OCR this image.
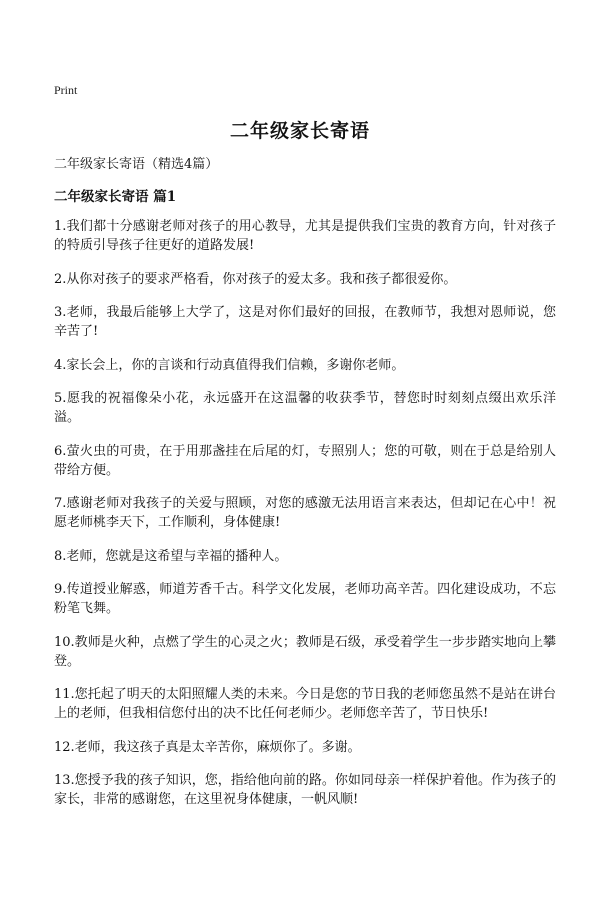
Print
二年级家长寄语
二年级家长寄语（精选4篇）
二年级家长寄语 篇1
1.我们都十分感谢老师对孩子的用心教导，尤其是提供我们宝贵的教育方向，针对孩子的特质引导孩子往更好的道路发展!
2.从你对孩子的要求严格看，你对孩子的爱太多。我和孩子都很爱你。
3.老师，我最后能够上大学了，这是对你们最好的回报，在教师节，我想对恩师说，您辛苦了!
4.家长会上，你的言谈和行动真值得我们信赖，多谢你老师。
5.愿我的祝福像朵小花，永远盛开在这温馨的收获季节，替您时时刻刻点缀出欢乐洋溢。
6.萤火虫的可贵，在于用那盏挂在后尾的灯，专照别人；您的可敬，则在于总是给别人带给方便。
7.感谢老师对我孩子的关爱与照顾，对您的感激无法用语言来表达，但却记在心中！祝愿老师桃李天下，工作顺利，身体健康!
8.老师，您就是这希望与幸福的播种人。
9.传道授业解惑，师道芳香千古。科学文化发展，老师功高辛苦。四化建设成功，不忘粉笔飞舞。
10.教师是火种，点燃了学生的心灵之火；教师是石级，承受着学生一步步踏实地向上攀登。
11.您托起了明天的太阳照耀人类的未来。今日是您的节日我的老师您虽然不是站在讲台上的老师，但我相信您付出的决不比任何老师少。老师您辛苦了，节日快乐!
12.老师，我这孩子真是太辛苦你，麻烦你了。多谢。
13.您授予我的孩子知识，您，指给他向前的路。你如同母亲一样保护着他。作为孩子的家长，非常的感谢您，在这里祝身体健康，一帆风顺!
